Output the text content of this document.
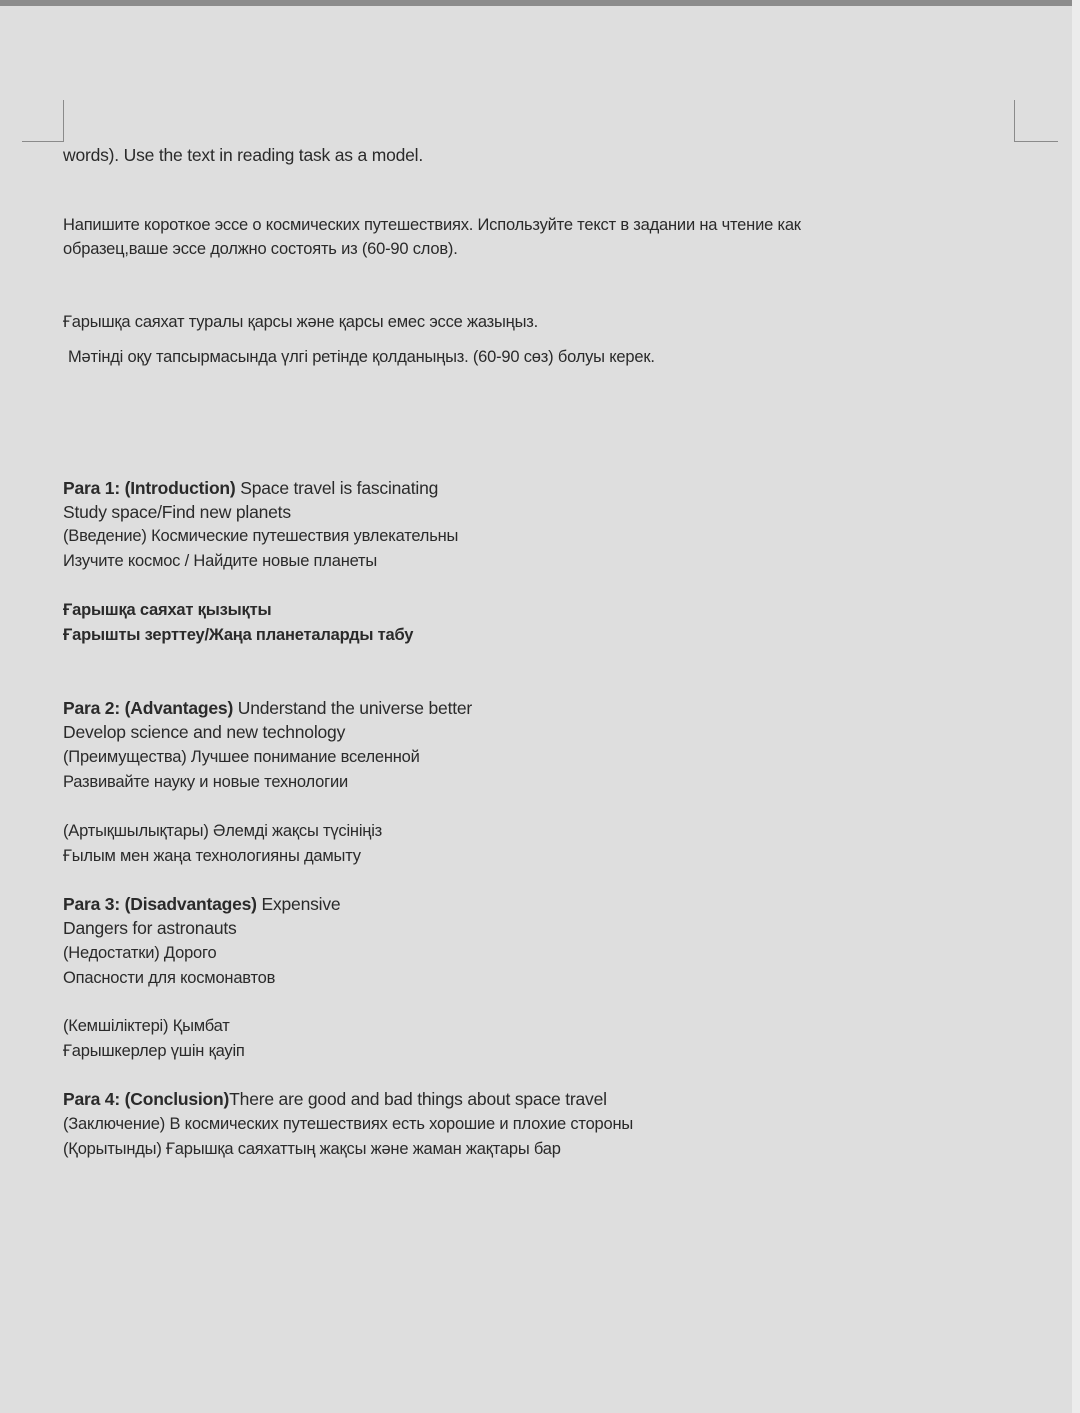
words). Use the text in reading task as a model.
Напишите короткое эссе о космических путешествиях. Используйте текст в задании на чтение как
образец,ваше эссе должно состоять из (60-90 слов).
Ғарышқа саяхат туралы қарсы және қарсы емес эссе жазыңыз.
Мәтінді оқу тапсырмасында үлгі ретінде қолданыңыз. (60-90 сөз) болуы керек.
Para 1: (Introduction) Space travel is fascinating
Study space/Find new planets
(Введение) Космические путешествия увлекательны
Изучите космос / Найдите новые планеты
Ғарышқа саяхат қызықты
Ғарышты зерттеу/Жаңа планеталарды табу
Para 2: (Advantages) Understand the universe better
Develop science and new technology
(Преимущества) Лучшее понимание вселенной
Развивайте науку и новые технологии
(Артықшылықтары) Әлемді жақсы түсініңіз
Ғылым мен жаңа технологияны дамыту
Para 3: (Disadvantages) Expensive
Dangers for astronauts
(Недостатки) Дорого
Опасности для космонавтов
(Кемшіліктері) Қымбат
Ғарышкерлер үшін қауіп
Para 4: (Conclusion)There are good and bad things about space travel
(Заключение) В космических путешествиях есть хорошие и плохие стороны
(Қорытынды) Ғарышқа саяхаттың жақсы және жаман жақтары бар
